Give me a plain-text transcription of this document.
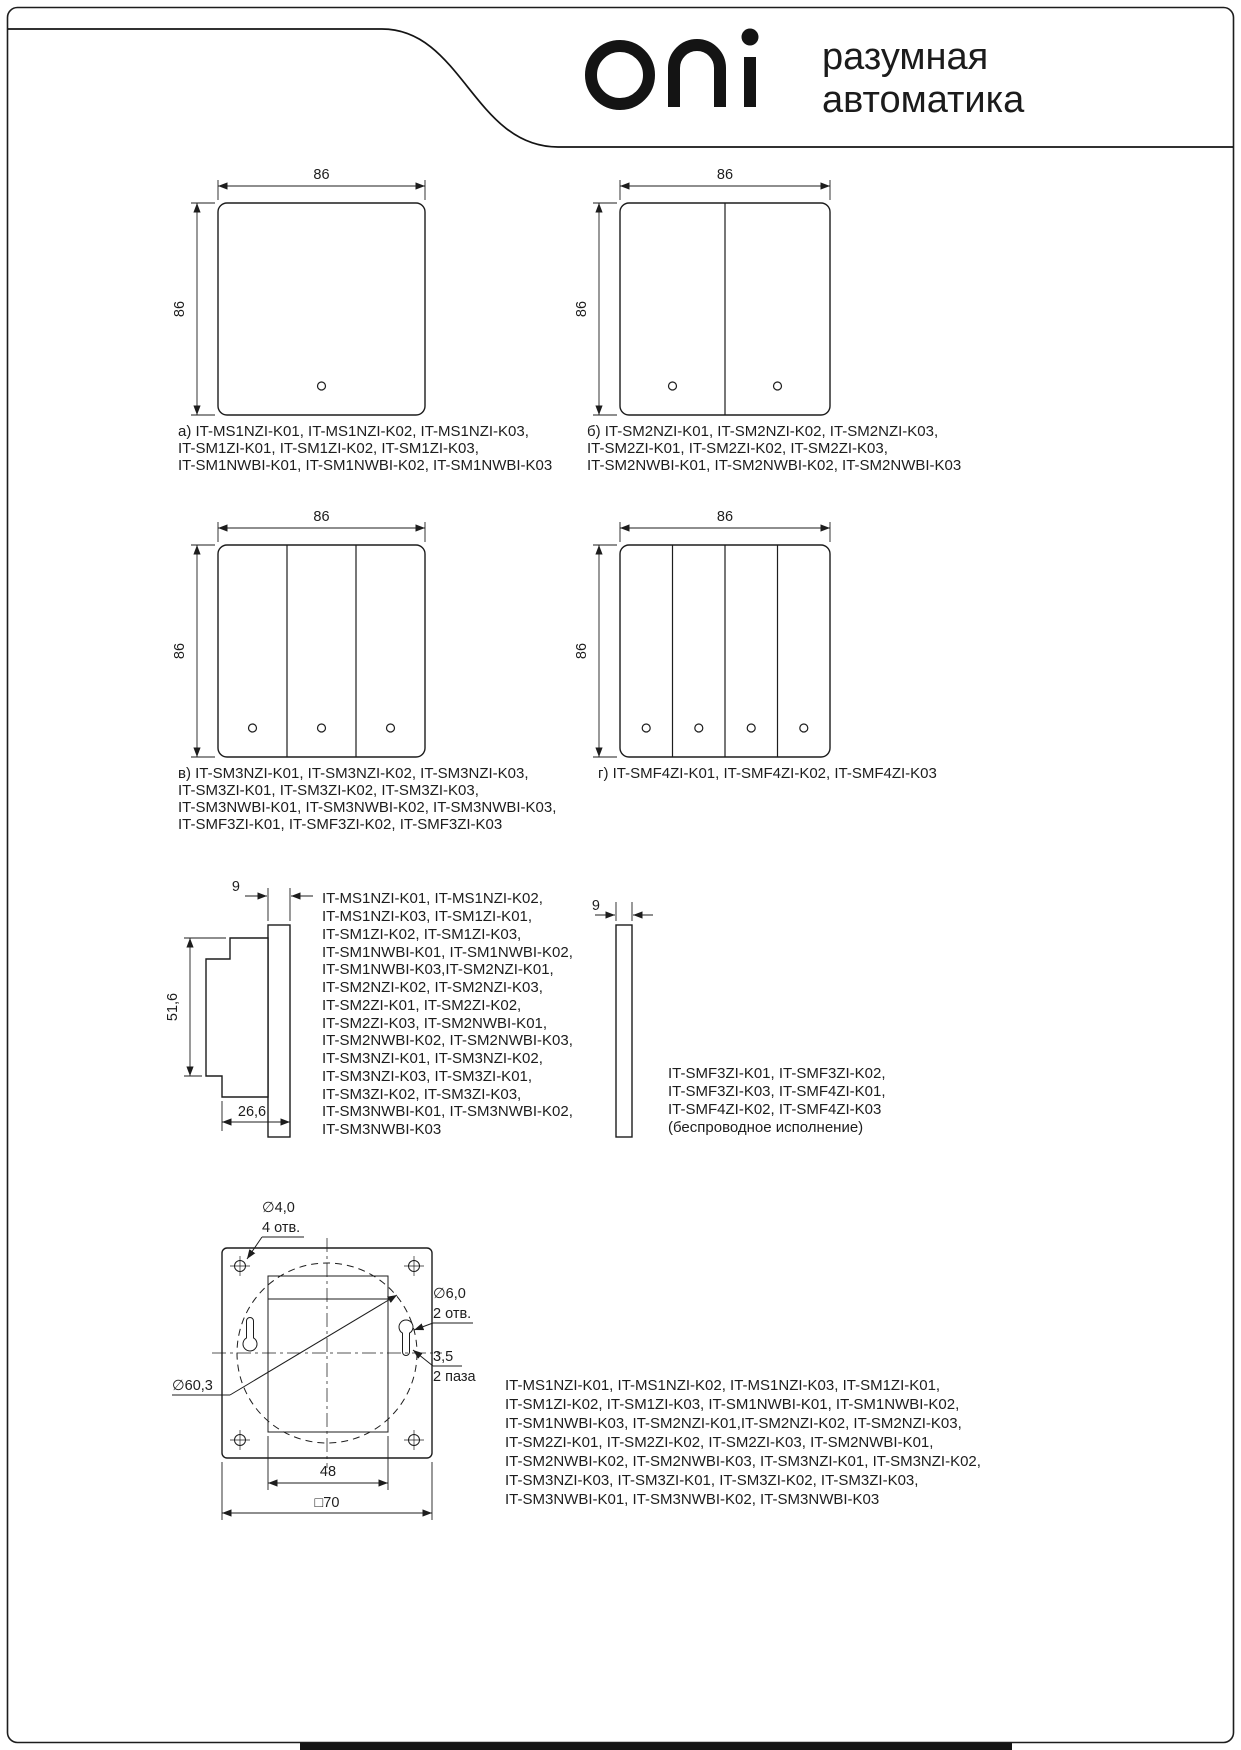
разумная
автоматика
86
86
а) IT-MS1NZI-K01, IT-MS1NZI-K02, IT-MS1NZI-K03,
IT-SM1ZI-K01, IT-SM1ZI-K02, IT-SM1ZI-K03,
IT-SM1NWBI-K01, IT-SM1NWBI-K02, IT-SM1NWBI-K03
86
86
б) IT-SM2NZI-K01, IT-SM2NZI-K02, IT-SM2NZI-K03,
IT-SM2ZI-K01, IT-SM2ZI-K02, IT-SM2ZI-K03,
IT-SM2NWBI-K01, IT-SM2NWBI-K02, IT-SM2NWBI-K03
86
86
в) IT-SM3NZI-K01, IT-SM3NZI-K02, IT-SM3NZI-K03,
IT-SM3ZI-K01, IT-SM3ZI-K02, IT-SM3ZI-K03,
IT-SM3NWBI-K01, IT-SM3NWBI-K02, IT-SM3NWBI-K03,
IT-SMF3ZI-K01, IT-SMF3ZI-K02, IT-SMF3ZI-K03
86
86
г) IT-SMF4ZI-K01, IT-SMF4ZI-K02, IT-SMF4ZI-K03
9
51,6
26,6
IT-MS1NZI-K01, IT-MS1NZI-K02,
IT-MS1NZI-K03, IT-SM1ZI-K01,
IT-SM1ZI-K02, IT-SM1ZI-K03,
IT-SM1NWBI-K01, IT-SM1NWBI-K02,
IT-SM1NWBI-K03,IT-SM2NZI-K01,
IT-SM2NZI-K02, IT-SM2NZI-K03,
IT-SM2ZI-K01, IT-SM2ZI-K02,
IT-SM2ZI-K03, IT-SM2NWBI-K01,
IT-SM2NWBI-K02, IT-SM2NWBI-K03,
IT-SM3NZI-K01, IT-SM3NZI-K02,
IT-SM3NZI-K03, IT-SM3ZI-K01,
IT-SM3ZI-K02, IT-SM3ZI-K03,
IT-SM3NWBI-K01, IT-SM3NWBI-K02,
IT-SM3NWBI-K03
9
IT-SMF3ZI-K01, IT-SMF3ZI-K02,
IT-SMF3ZI-K03, IT-SMF4ZI-K01,
IT-SMF4ZI-K02, IT-SMF4ZI-K03
(беспроводное исполнение)
∅4,0
4 отв.
∅6,0
2 отв.
3,5
2 паза
∅60,3
48
□70
IT-MS1NZI-K01, IT-MS1NZI-K02, IT-MS1NZI-K03, IT-SM1ZI-K01,
IT-SM1ZI-K02, IT-SM1ZI-K03, IT-SM1NWBI-K01, IT-SM1NWBI-K02,
IT-SM1NWBI-K03, IT-SM2NZI-K01,IT-SM2NZI-K02, IT-SM2NZI-K03,
IT-SM2ZI-K01, IT-SM2ZI-K02, IT-SM2ZI-K03, IT-SM2NWBI-K01,
IT-SM2NWBI-K02, IT-SM2NWBI-K03, IT-SM3NZI-K01, IT-SM3NZI-K02,
IT-SM3NZI-K03, IT-SM3ZI-K01, IT-SM3ZI-K02, IT-SM3ZI-K03,
IT-SM3NWBI-K01, IT-SM3NWBI-K02, IT-SM3NWBI-K03
